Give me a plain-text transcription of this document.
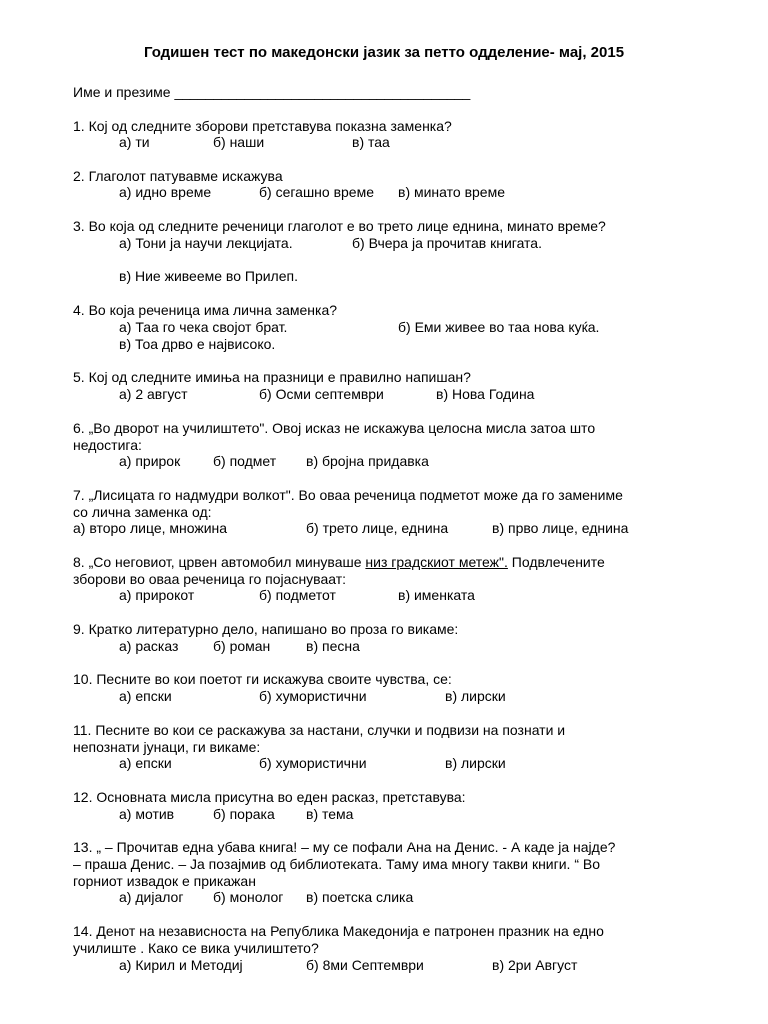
Годишен тест по македонски јазик за петто одделение- мај, 2015
Име и презиме ______________________________________
1. Кој од следните зборови претставува показна заменка?
а) ти	б) наши	в) таа
2. Глаголот патувавме искажува
а) идно време	б) сегашно време в) минато време
3. Во која од следните реченици глаголот е во трето лице еднина, минато време?
а) Тони ја научи лекцијата.	б) Вчера ја прочитав книгата.
в) Ние живееме во Прилеп.
4. Во која реченица има лична заменка?
а) Таа го чека својот брат.	б) Еми живее во таа нова куќа.
в) Тоа дрво е највисоко.
5. Кој од следните имиња на празници е правилно напишан?
а) 2 август	б) Осми септември	в) Нова Година
6. „Во дворот на училиштето". Овој исказ не искажува целосна мисла затоа што
недостига:
а) прирок б) подмет в) бројна придавка
7. „Лисицата го надмудри волкот". Во оваа реченица подметот може да го замениме
со лична заменка од:
а) второ лице, множина	б) трето лице, еднина	в) прво лице, еднина
8. „Со неговиот, црвен автомобил минуваше низ градскиот метеж". Подвлечените
зборови во оваа реченица го појаснуваат:
а) прирокот	б) подметот	в) именката
9. Кратко литературно дело, напишано во проза го викаме:
а) расказ б) роман	в) песна
10. Песните во кои поетот ги искажува своите чувства, се:
а) епски	б) хумористични	в) лирски
11. Песните во кои се раскажува за настани, случки и подвизи на познати и
непознати јунаци, ги викаме:
а) епски	б) хумористични	в) лирски
12. Основната мисла присутна во еден расказ, претставува:
а) мотив	б) порака в) тема
13. „ – Прочитав една убава книга! – му се пофали Ана на Денис. - А каде ја најде?
– праша Денис. – Ја позајмив од библиотеката. Таму има многу такви книги. “ Во
горниот извадок е прикажан
а) дијалог б) монолог в) поетска слика
14. Денот на независноста на Република Македонија е патронен празник на едно
училиште . Како се вика училиштето?
а) Кирил и Методиј	б) 8ми Септември	в) 2ри Август
